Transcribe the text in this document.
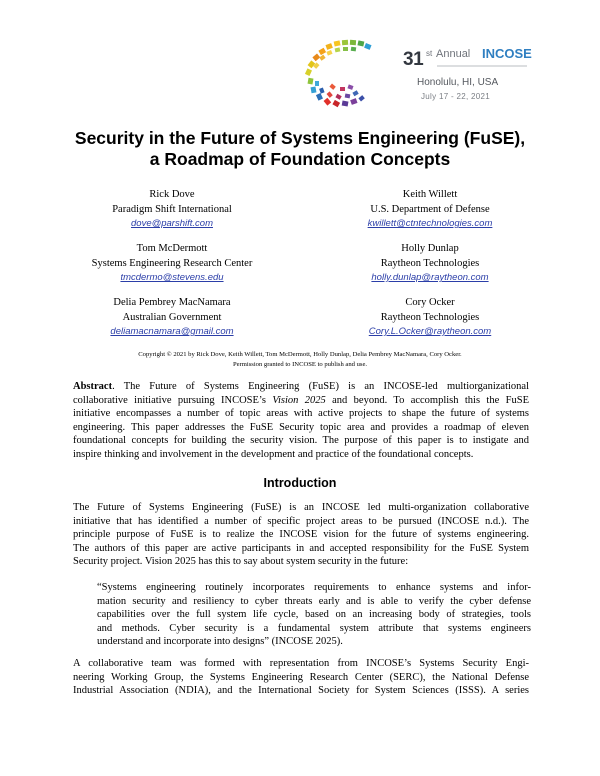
31 st Annual INCOSE
Honolulu, HI, USA
July 17 - 22, 2021
Security in the Future of Systems Engineering (FuSE),
a Roadmap of Foundation Concepts
Rick Dove
Paradigm Shift International
dove@parshift.com
Keith Willett
U.S. Department of Defense
kwillett@ctntechnologies.com
Tom McDermott
Systems Engineering Research Center
tmcdermo@stevens.edu
Holly Dunlap
Raytheon Technologies
holly.dunlap@raytheon.com
Delia Pembrey MacNamara
Australian Government
deliamacnamara@gmail.com
Cory Ocker
Raytheon Technologies
Cory.L.Ocker@raytheon.com
Copyright © 2021 by Rick Dove, Keith Willett, Tom McDermott, Holly Dunlap, Delia Pembrey MacNamara, Cory Ocker.
Permission granted to INCOSE to publish and use.
Abstract. The Future of Systems Engineering (FuSE) is an INCOSE-led multiorganizational
collaborative initiative pursuing INCOSE’s Vision 2025 and beyond. To accomplish this the FuSE
initiative encompasses a number of topic areas with active projects to shape the future of systems
engineering. This paper addresses the FuSE Security topic area and provides a roadmap of eleven
foundational concepts for building the security vision. The purpose of this paper is to instigate and
inspire thinking and involvement in the development and practice of the foundational concepts.
Introduction
The Future of Systems Engineering (FuSE) is an INCOSE led multi-organization collaborative
initiative that has identified a number of specific project areas to be pursued (INCOSE n.d.). The
principle purpose of FuSE is to realize the INCOSE vision for the future of systems engineering.
The authors of this paper are active participants in and accepted responsibility for the FuSE System
Security project. Vision 2025 has this to say about system security in the future:
“Systems engineering routinely incorporates requirements to enhance systems and infor-
mation security and resiliency to cyber threats early and is able to verify the cyber defense
capabilities over the full system life cycle, based on an increasing body of strategies, tools
and methods. Cyber security is a fundamental system attribute that systems engineers
understand and incorporate into designs” (INCOSE 2025).
A collaborative team was formed with representation from INCOSE’s Systems Security Engi-
neering Working Group, the Systems Engineering Research Center (SERC), the National Defense
Industrial Association (NDIA), and the International Society for System Sciences (ISSS). A series
